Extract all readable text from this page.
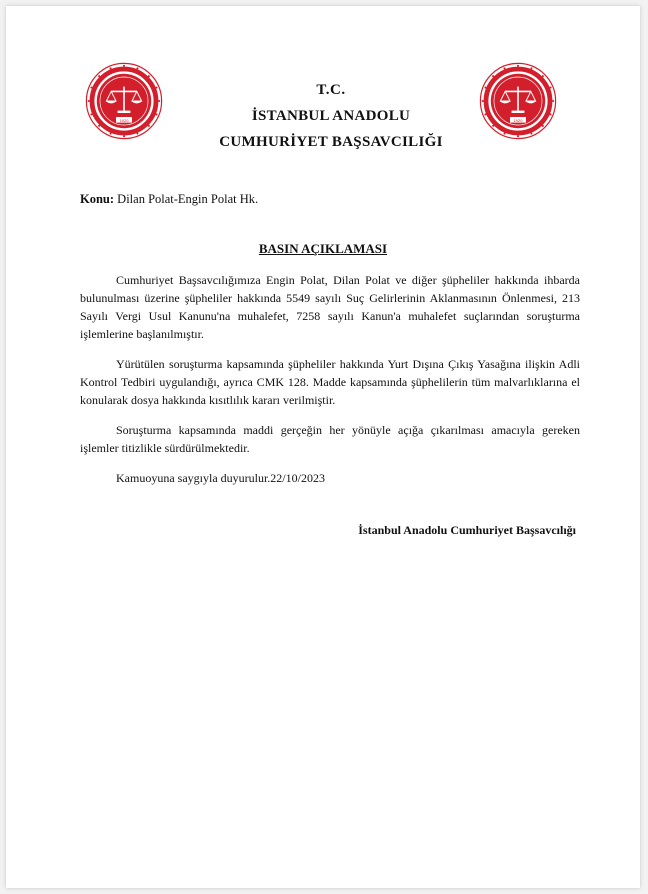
1920	1920
T.C.
İSTANBUL ANADOLU
CUMHURİYET BAŞSAVCILIĞI
Konu: Dilan Polat-Engin Polat Hk.
BASIN AÇIKLAMASI
Cumhuriyet Başsavcılığımıza Engin Polat, Dilan Polat ve diğer şüpheliler hakkında ihbarda bulunulması üzerine şüpheliler hakkında 5549 sayılı Suç Gelirlerinin Aklanmasının Önlenmesi, 213 Sayılı Vergi Usul Kanunu'na muhalefet, 7258 sayılı Kanun'a muhalefet suçlarından soruşturma işlemlerine başlanılmıştır.
Yürütülen soruşturma kapsamında şüpheliler hakkında Yurt Dışına Çıkış Yasağına ilişkin Adli Kontrol Tedbiri uygulandığı, ayrıca CMK 128. Madde kapsamında şüphelilerin tüm malvarlıklarına el konularak dosya hakkında kısıtlılık kararı verilmiştir.
Soruşturma kapsamında maddi gerçeğin her yönüyle açığa çıkarılması amacıyla gereken işlemler titizlikle sürdürülmektedir.
Kamuoyuna saygıyla duyurulur.22/10/2023
İstanbul Anadolu Cumhuriyet Başsavcılığı
